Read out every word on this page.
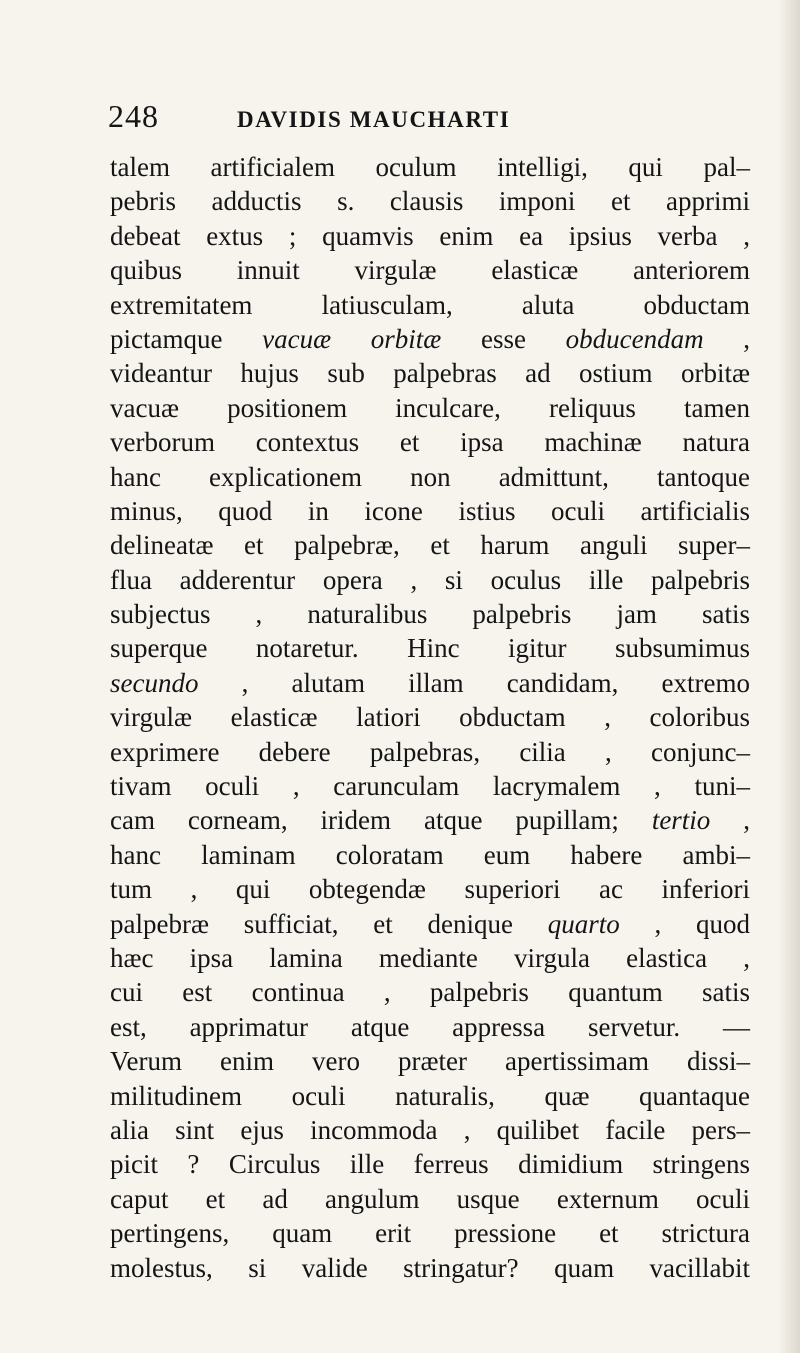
248	DAVIDIS MAUCHARTI
talem artificialem oculum intelligi, qui pal–
pebris adductis s. clausis imponi et apprimi
debeat extus ; quamvis enim ea ipsius verba ,
quibus innuit virgulæ elasticæ anteriorem
extremitatem latiusculam, aluta obductam
pictamque vacuæ orbitæ esse obducendam ,
videantur hujus sub palpebras ad ostium orbitæ
vacuæ positionem inculcare, reliquus tamen
verborum contextus et ipsa machinæ natura
hanc explicationem non admittunt, tantoque
minus, quod in icone istius oculi artificialis
delineatæ et palpebræ, et harum anguli super–
flua adderentur opera , si oculus ille palpebris
subjectus , naturalibus palpebris jam satis
superque notaretur. Hinc igitur subsumimus
secundo , alutam illam candidam, extremo
virgulæ elasticæ latiori obductam , coloribus
exprimere debere palpebras, cilia , conjunc–
tivam oculi , carunculam lacrymalem , tuni–
cam corneam, iridem atque pupillam; tertio ,
hanc laminam coloratam eum habere ambi–
tum , qui obtegendæ superiori ac inferiori
palpebræ sufficiat, et denique quarto , quod
hæc ipsa lamina mediante virgula elastica ,
cui est continua , palpebris quantum satis
est, apprimatur atque appressa servetur. —
Verum enim vero præter apertissimam dissi–
militudinem oculi naturalis, quæ quantaque
alia sint ejus incommoda , quilibet facile pers–
picit ? Circulus ille ferreus dimidium stringens
caput et ad angulum usque externum oculi
pertingens, quam erit pressione et strictura
molestus, si valide stringatur? quam vacillabit
